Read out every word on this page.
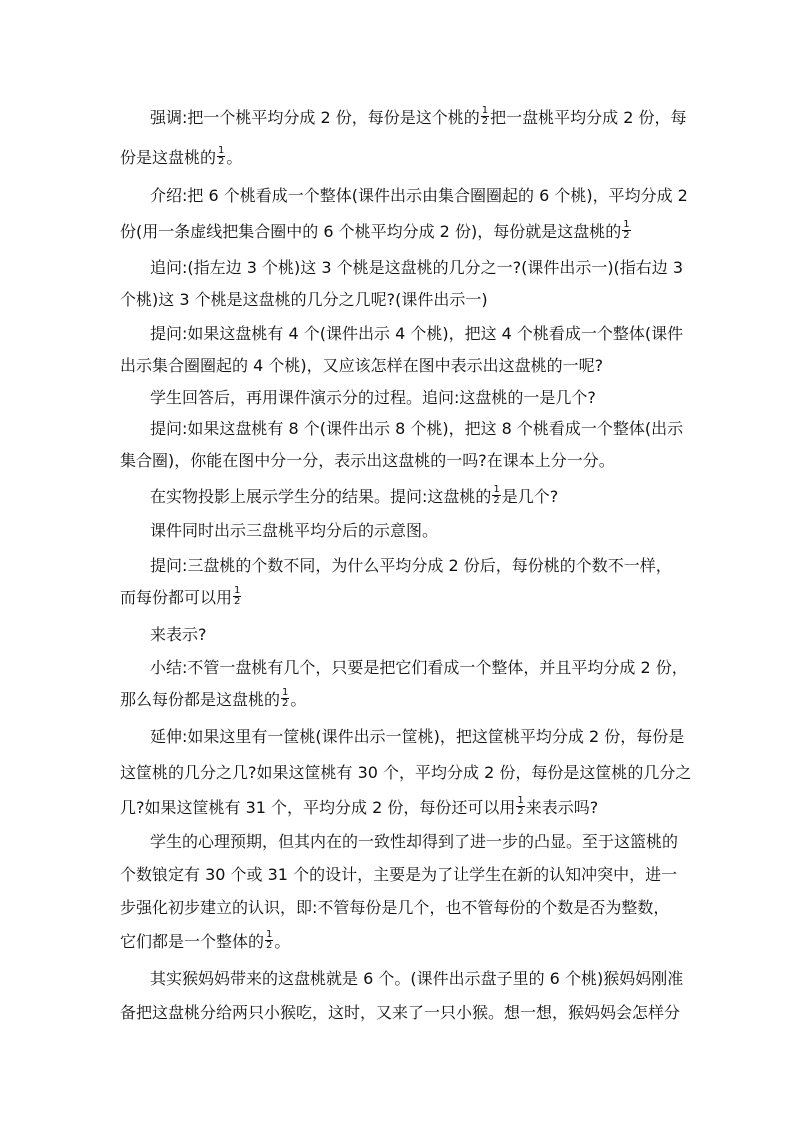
强调:把一个桃平均分成 2 份，每份是这个桃的 $\frac{1}{2}$ 把一盘桃平均分成 2 份，每
份是这盘桃的 $\frac{1}{2}$ 。
介绍:把 6 个桃看成一个整体(课件出示由集合圈圈起的 6 个桃)，平均分成 2
份(用一条虚线把集合圈中的 6 个桃平均分成 2 份)，每份就是这盘桃的 $\frac{1}{2}$
追问:(指左边 3 个桃)这 3 个桃是这盘桃的几分之一?(课件出示一)(指右边 3
个桃)这 3 个桃是这盘桃的几分之几呢?(课件出示一)
提问:如果这盘桃有 4 个(课件出示 4 个桃)，把这 4 个桃看成一个整体(课件
出示集合圈圈起的 4 个桃)，又应该怎样在图中表示出这盘桃的一呢?
学生回答后，再用课件演示分的过程。追问:这盘桃的一是几个?
提问:如果这盘桃有 8 个(课件出示 8 个桃)，把这 8 个桃看成一个整体(出示
集合圈)，你能在图中分一分，表示出这盘桃的一吗?在课本上分一分。
在实物投影上展示学生分的结果。提问:这盘桃的 $\frac{1}{2}$ 是几个?
课件同时出示三盘桃平均分后的示意图。
提问:三盘桃的个数不同，为什么平均分成 2 份后，每份桃的个数不一样，
而每份都可以用 $\frac{1}{2}$
来表示?
小结:不管一盘桃有几个，只要是把它们看成一个整体，并且平均分成 2 份，
那么每份都是这盘桃的 $\frac{1}{2}$ 。
延伸:如果这里有一筐桃(课件出示一筐桃)，把这筐桃平均分成 2 份，每份是
这筐桃的几分之几?如果这筐桃有 30 个，平均分成 2 份，每份是这筐桃的几分之
几?如果这筐桃有 31 个，平均分成 2 份，每份还可以用 $\frac{1}{2}$ 来表示吗?
学生的心理预期，但其内在的一致性却得到了进一步的凸显。至于这篮桃的
个数锒定有 30 个或 31 个的设计，主要是为了让学生在新的认知冲突中，进一
步强化初步建立的认识，即:不管每份是几个，也不管每份的个数是否为整数，
它们都是一个整体的 $\frac{1}{2}$ 。
其实猴妈妈带来的这盘桃就是 6 个。(课件出示盘子里的 6 个桃)猴妈妈刚准
备把这盘桃分给两只小猴吃，这时，又来了一只小猴。想一想，猴妈妈会怎样分
